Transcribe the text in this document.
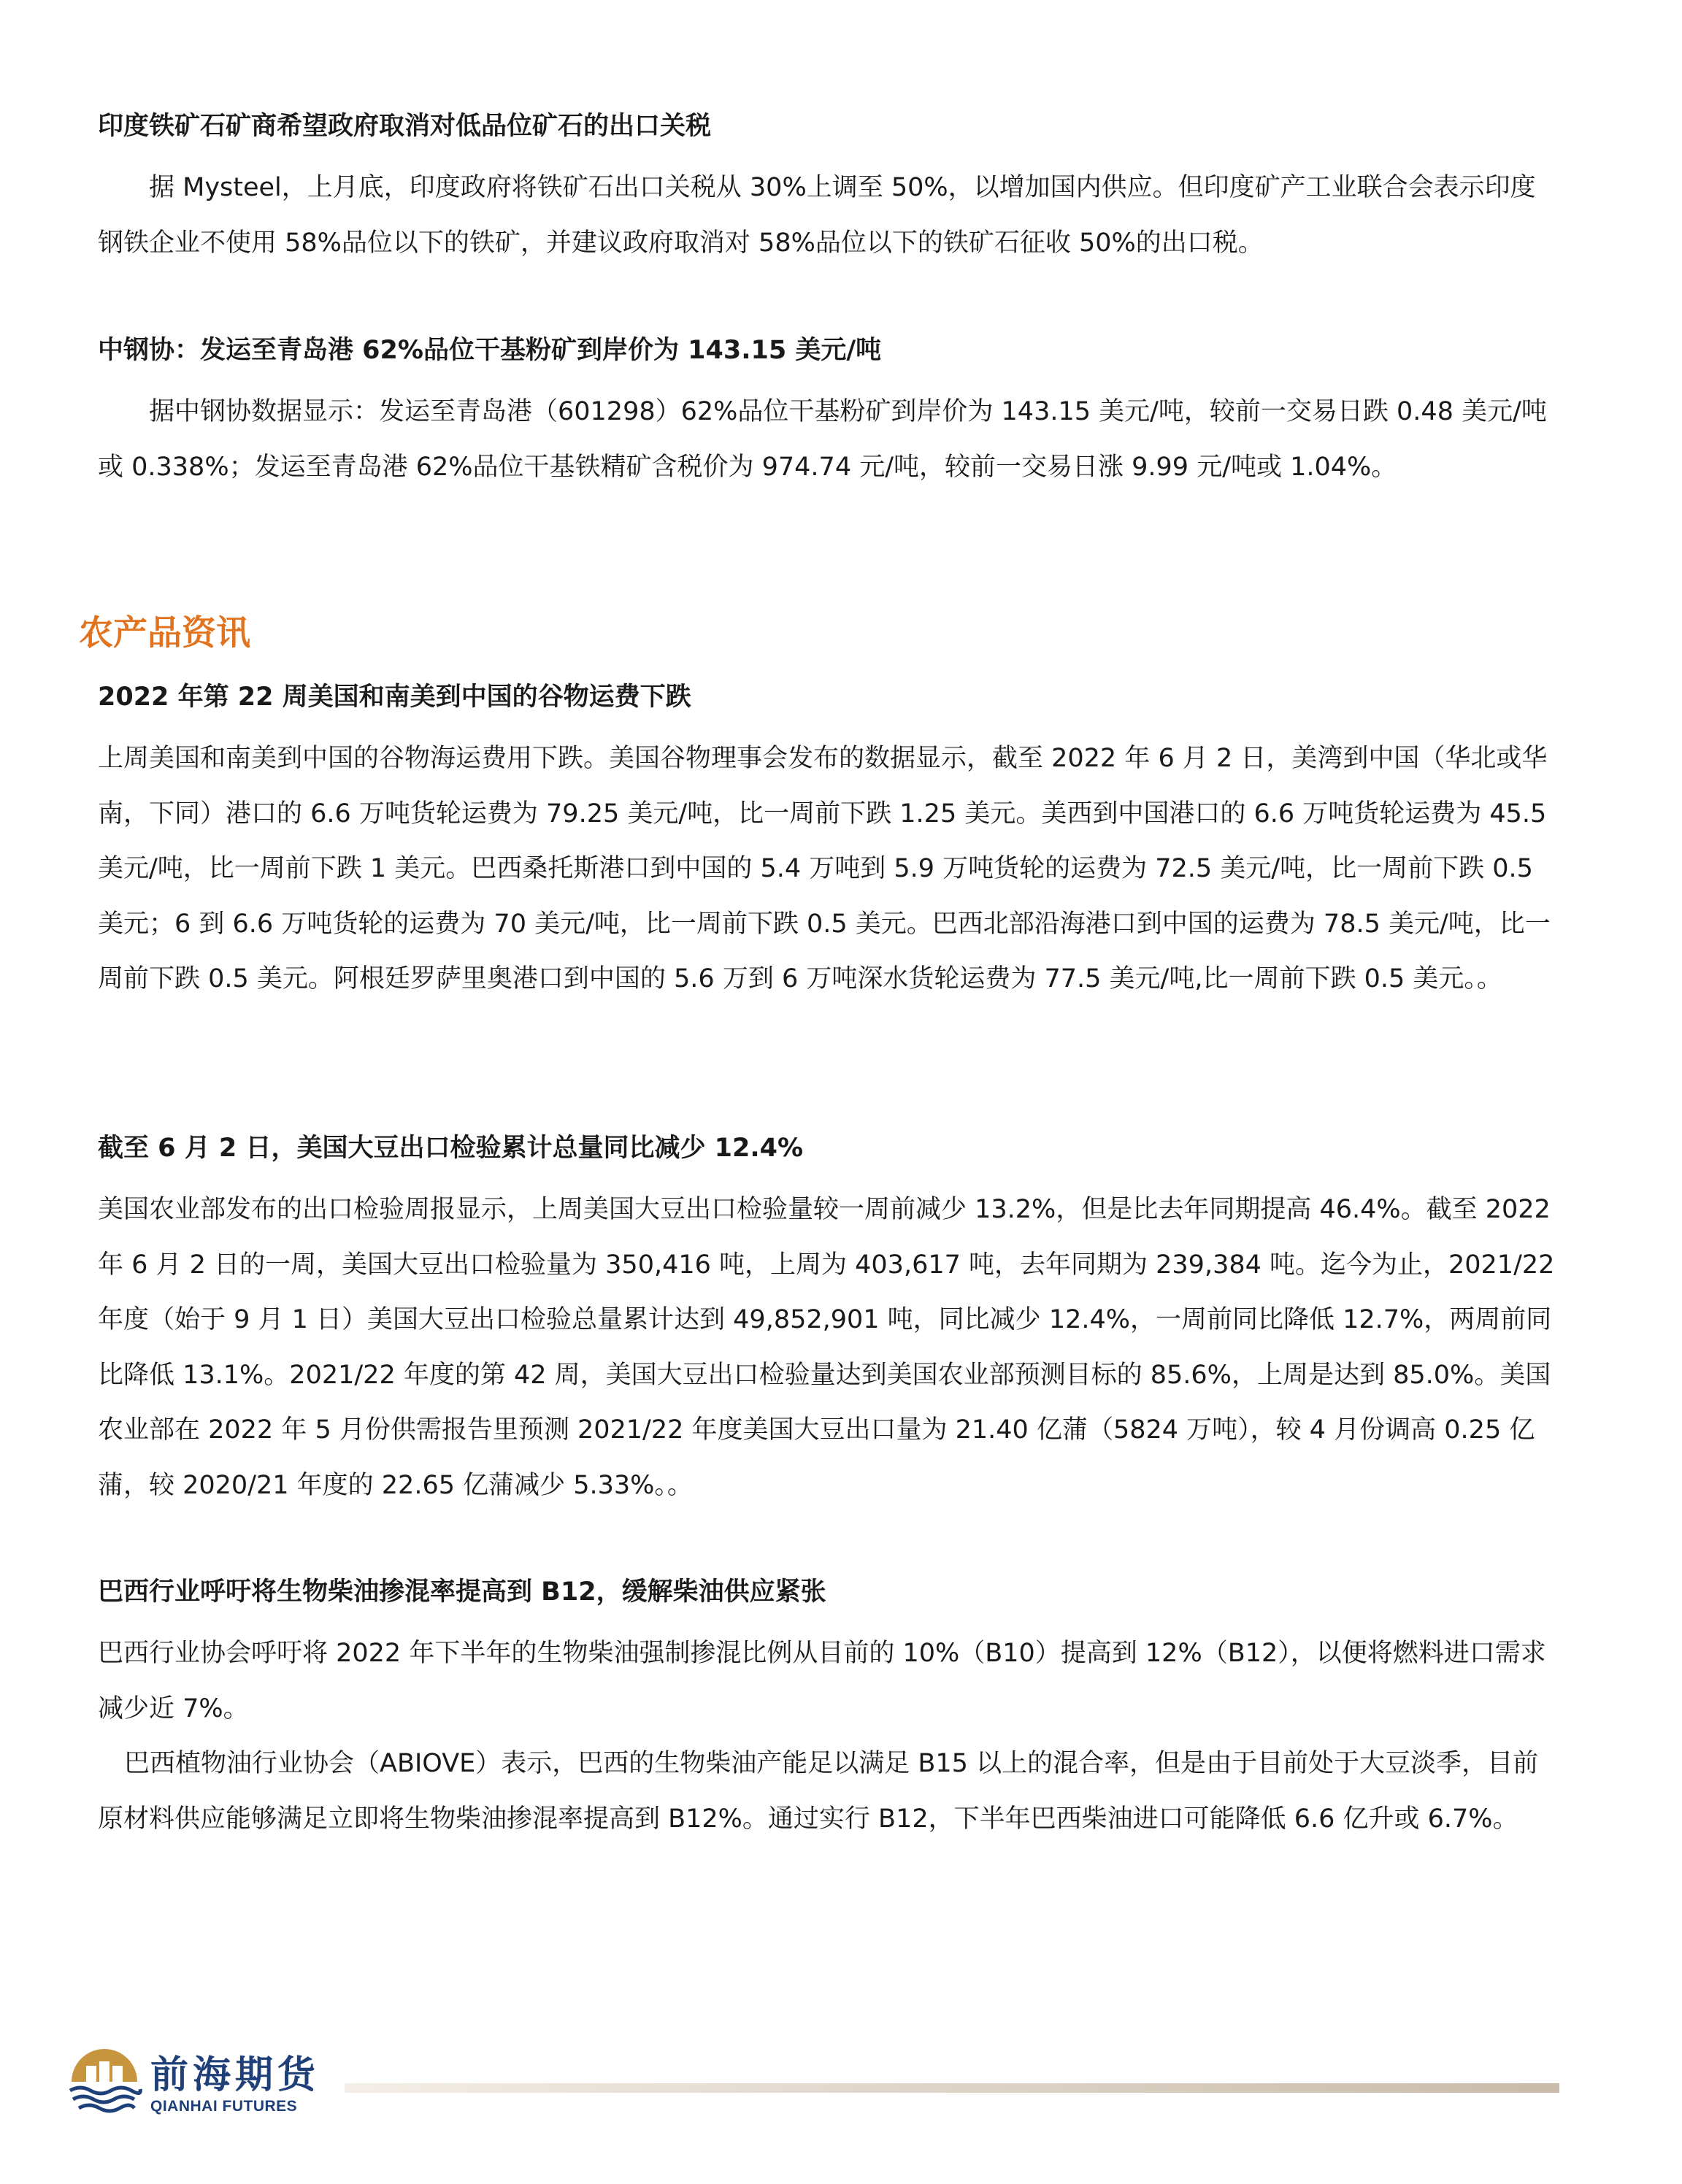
印度铁矿石矿商希望政府取消对低品位矿石的出口关税

据 Mysteel，上月底，印度政府将铁矿石出口关税从 30%上调至 50%，以增加国内供应。但印度矿产工业联合会表示印度钢铁企业不使用 58%品位以下的铁矿，并建议政府取消对 58%品位以下的铁矿石征收 50%的出口税。

中钢协：发运至青岛港 62%品位干基粉矿到岸价为 143.15 美元/吨

据中钢协数据显示：发运至青岛港（601298）62%品位干基粉矿到岸价为 143.15 美元/吨，较前一交易日跌 0.48 美元/吨或 0.338%；发运至青岛港 62%品位干基铁精矿含税价为 974.74 元/吨，较前一交易日涨 9.99 元/吨或 1.04%。

农产品资讯
2022 年第 22 周美国和南美到中国的谷物运费下跌

上周美国和南美到中国的谷物海运费用下跌。美国谷物理事会发布的数据显示，截至 2022 年 6 月 2 日，美湾到中国（华北或华南，下同）港口的 6.6 万吨货轮运费为 79.25 美元/吨，比一周前下跌 1.25 美元。美西到中国港口的 6.6 万吨货轮运费为 45.5 美元/吨，比一周前下跌 1 美元。巴西桑托斯港口到中国的 5.4 万吨到 5.9 万吨货轮的运费为 72.5 美元/吨，比一周前下跌 0.5 美元；6 到 6.6 万吨货轮的运费为 70 美元/吨，比一周前下跌 0.5 美元。巴西北部沿海港口到中国的运费为 78.5 美元/吨，比一周前下跌 0.5 美元。阿根廷罗萨里奥港口到中国的 5.6 万到 6 万吨深水货轮运费为 77.5 美元/吨,比一周前下跌 0.5 美元。。

截至 6 月 2 日，美国大豆出口检验累计总量同比减少 12.4%

美国农业部发布的出口检验周报显示，上周美国大豆出口检验量较一周前减少 13.2%，但是比去年同期提高 46.4%。截至 2022 年 6 月 2 日的一周，美国大豆出口检验量为 350,416 吨，上周为 403,617 吨，去年同期为 239,384 吨。迄今为止，2021/22 年度（始于 9 月 1 日）美国大豆出口检验总量累计达到 49,852,901 吨，同比减少 12.4%，一周前同比降低 12.7%，两周前同比降低 13.1%。2021/22 年度的第 42 周，美国大豆出口检验量达到美国农业部预测目标的 85.6%，上周是达到 85.0%。美国农业部在 2022 年 5 月份供需报告里预测 2021/22 年度美国大豆出口量为 21.40 亿蒲（5824 万吨），较 4 月份调高 0.25 亿蒲，较 2020/21 年度的 22.65 亿蒲减少 5.33%。。

巴西行业呼吁将生物柴油掺混率提高到 B12，缓解柴油供应紧张

巴西行业协会呼吁将 2022 年下半年的生物柴油强制掺混比例从目前的 10%（B10）提高到 12%（B12），以便将燃料进口需求减少近 7%。

巴西植物油行业协会（ABIOVE）表示，巴西的生物柴油产能足以满足 B15 以上的混合率，但是由于目前处于大豆淡季，目前原材料供应能够满足立即将生物柴油掺混率提高到 B12%。通过实行 B12，下半年巴西柴油进口可能降低 6.6 亿升或 6.7%。

前海期货
QIANHAI FUTURES
